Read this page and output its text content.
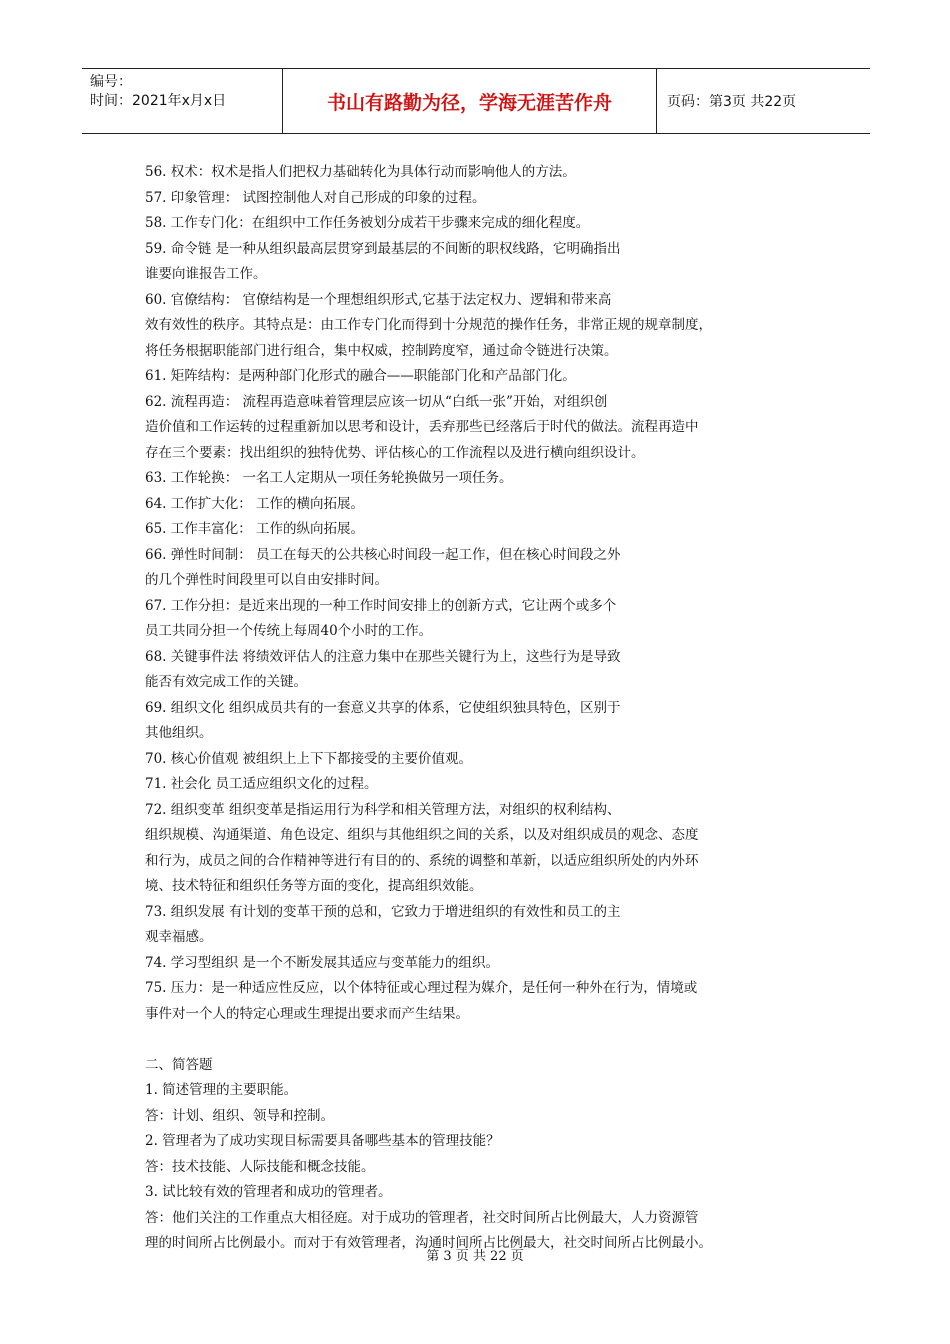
编号：
时间：2021年x月x日	书山有路勤为径，学海无涯苦作舟	页码：第3页 共22页
56. 权术：权术是指人们把权力基础转化为具体行动而影响他人的方法。
57. 印象管理： 试图控制他人对自己形成的印象的过程。
58. 工作专门化：在组织中工作任务被划分成若干步骤来完成的细化程度。
59. 命令链 是一种从组织最高层贯穿到最基层的不间断的职权线路，它明确指出
谁要向谁报告工作。
60. 官僚结构： 官僚结构是一个理想组织形式,它基于法定权力、逻辑和带来高
效有效性的秩序。其特点是：由工作专门化而得到十分规范的操作任务，非常正规的规章制度，
将任务根据职能部门进行组合，集中权威，控制跨度窄，通过命令链进行决策。
61. 矩阵结构：是两种部门化形式的融合——职能部门化和产品部门化。
62. 流程再造： 流程再造意味着管理层应该一切从“白纸一张”开始，对组织创
造价值和工作运转的过程重新加以思考和设计，丢弃那些已经落后于时代的做法。流程再造中
存在三个要素：找出组织的独特优势、评估核心的工作流程以及进行横向组织设计。
63. 工作轮换： 一名工人定期从一项任务轮换做另一项任务。
64. 工作扩大化： 工作的横向拓展。
65. 工作丰富化： 工作的纵向拓展。
66. 弹性时间制： 员工在每天的公共核心时间段一起工作，但在核心时间段之外
的几个弹性时间段里可以自由安排时间。
67. 工作分担：是近来出现的一种工作时间安排上的创新方式，它让两个或多个
员工共同分担一个传统上每周40个小时的工作。
68. 关键事件法 将绩效评估人的注意力集中在那些关键行为上，这些行为是导致
能否有效完成工作的关键。
69. 组织文化 组织成员共有的一套意义共享的体系，它使组织独具特色，区别于
其他组织。
70. 核心价值观 被组织上上下下都接受的主要价值观。
71. 社会化 员工适应组织文化的过程。
72. 组织变革 组织变革是指运用行为科学和相关管理方法，对组织的权利结构、
组织规模、沟通渠道、角色设定、组织与其他组织之间的关系，以及对组织成员的观念、态度
和行为，成员之间的合作精神等进行有目的的、系统的调整和革新，以适应组织所处的内外环
境、技术特征和组织任务等方面的变化，提高组织效能。
73. 组织发展 有计划的变革干预的总和，它致力于增进组织的有效性和员工的主
观幸福感。
74. 学习型组织 是一个不断发展其适应与变革能力的组织。
75. 压力：是一种适应性反应，以个体特征或心理过程为媒介，是任何一种外在行为，情境或
事件对一个人的特定心理或生理提出要求而产生结果。
二、简答题
1. 简述管理的主要职能。
答：计划、组织、领导和控制。
2. 管理者为了成功实现目标需要具备哪些基本的管理技能？
答：技术技能、人际技能和概念技能。
3. 试比较有效的管理者和成功的管理者。
答：他们关注的工作重点大相径庭。对于成功的管理者，社交时间所占比例最大，人力资源管
理的时间所占比例最小。而对于有效管理者，沟通时间所占比例最大，社交时间所占比例最小。
第 3 页 共 22 页
